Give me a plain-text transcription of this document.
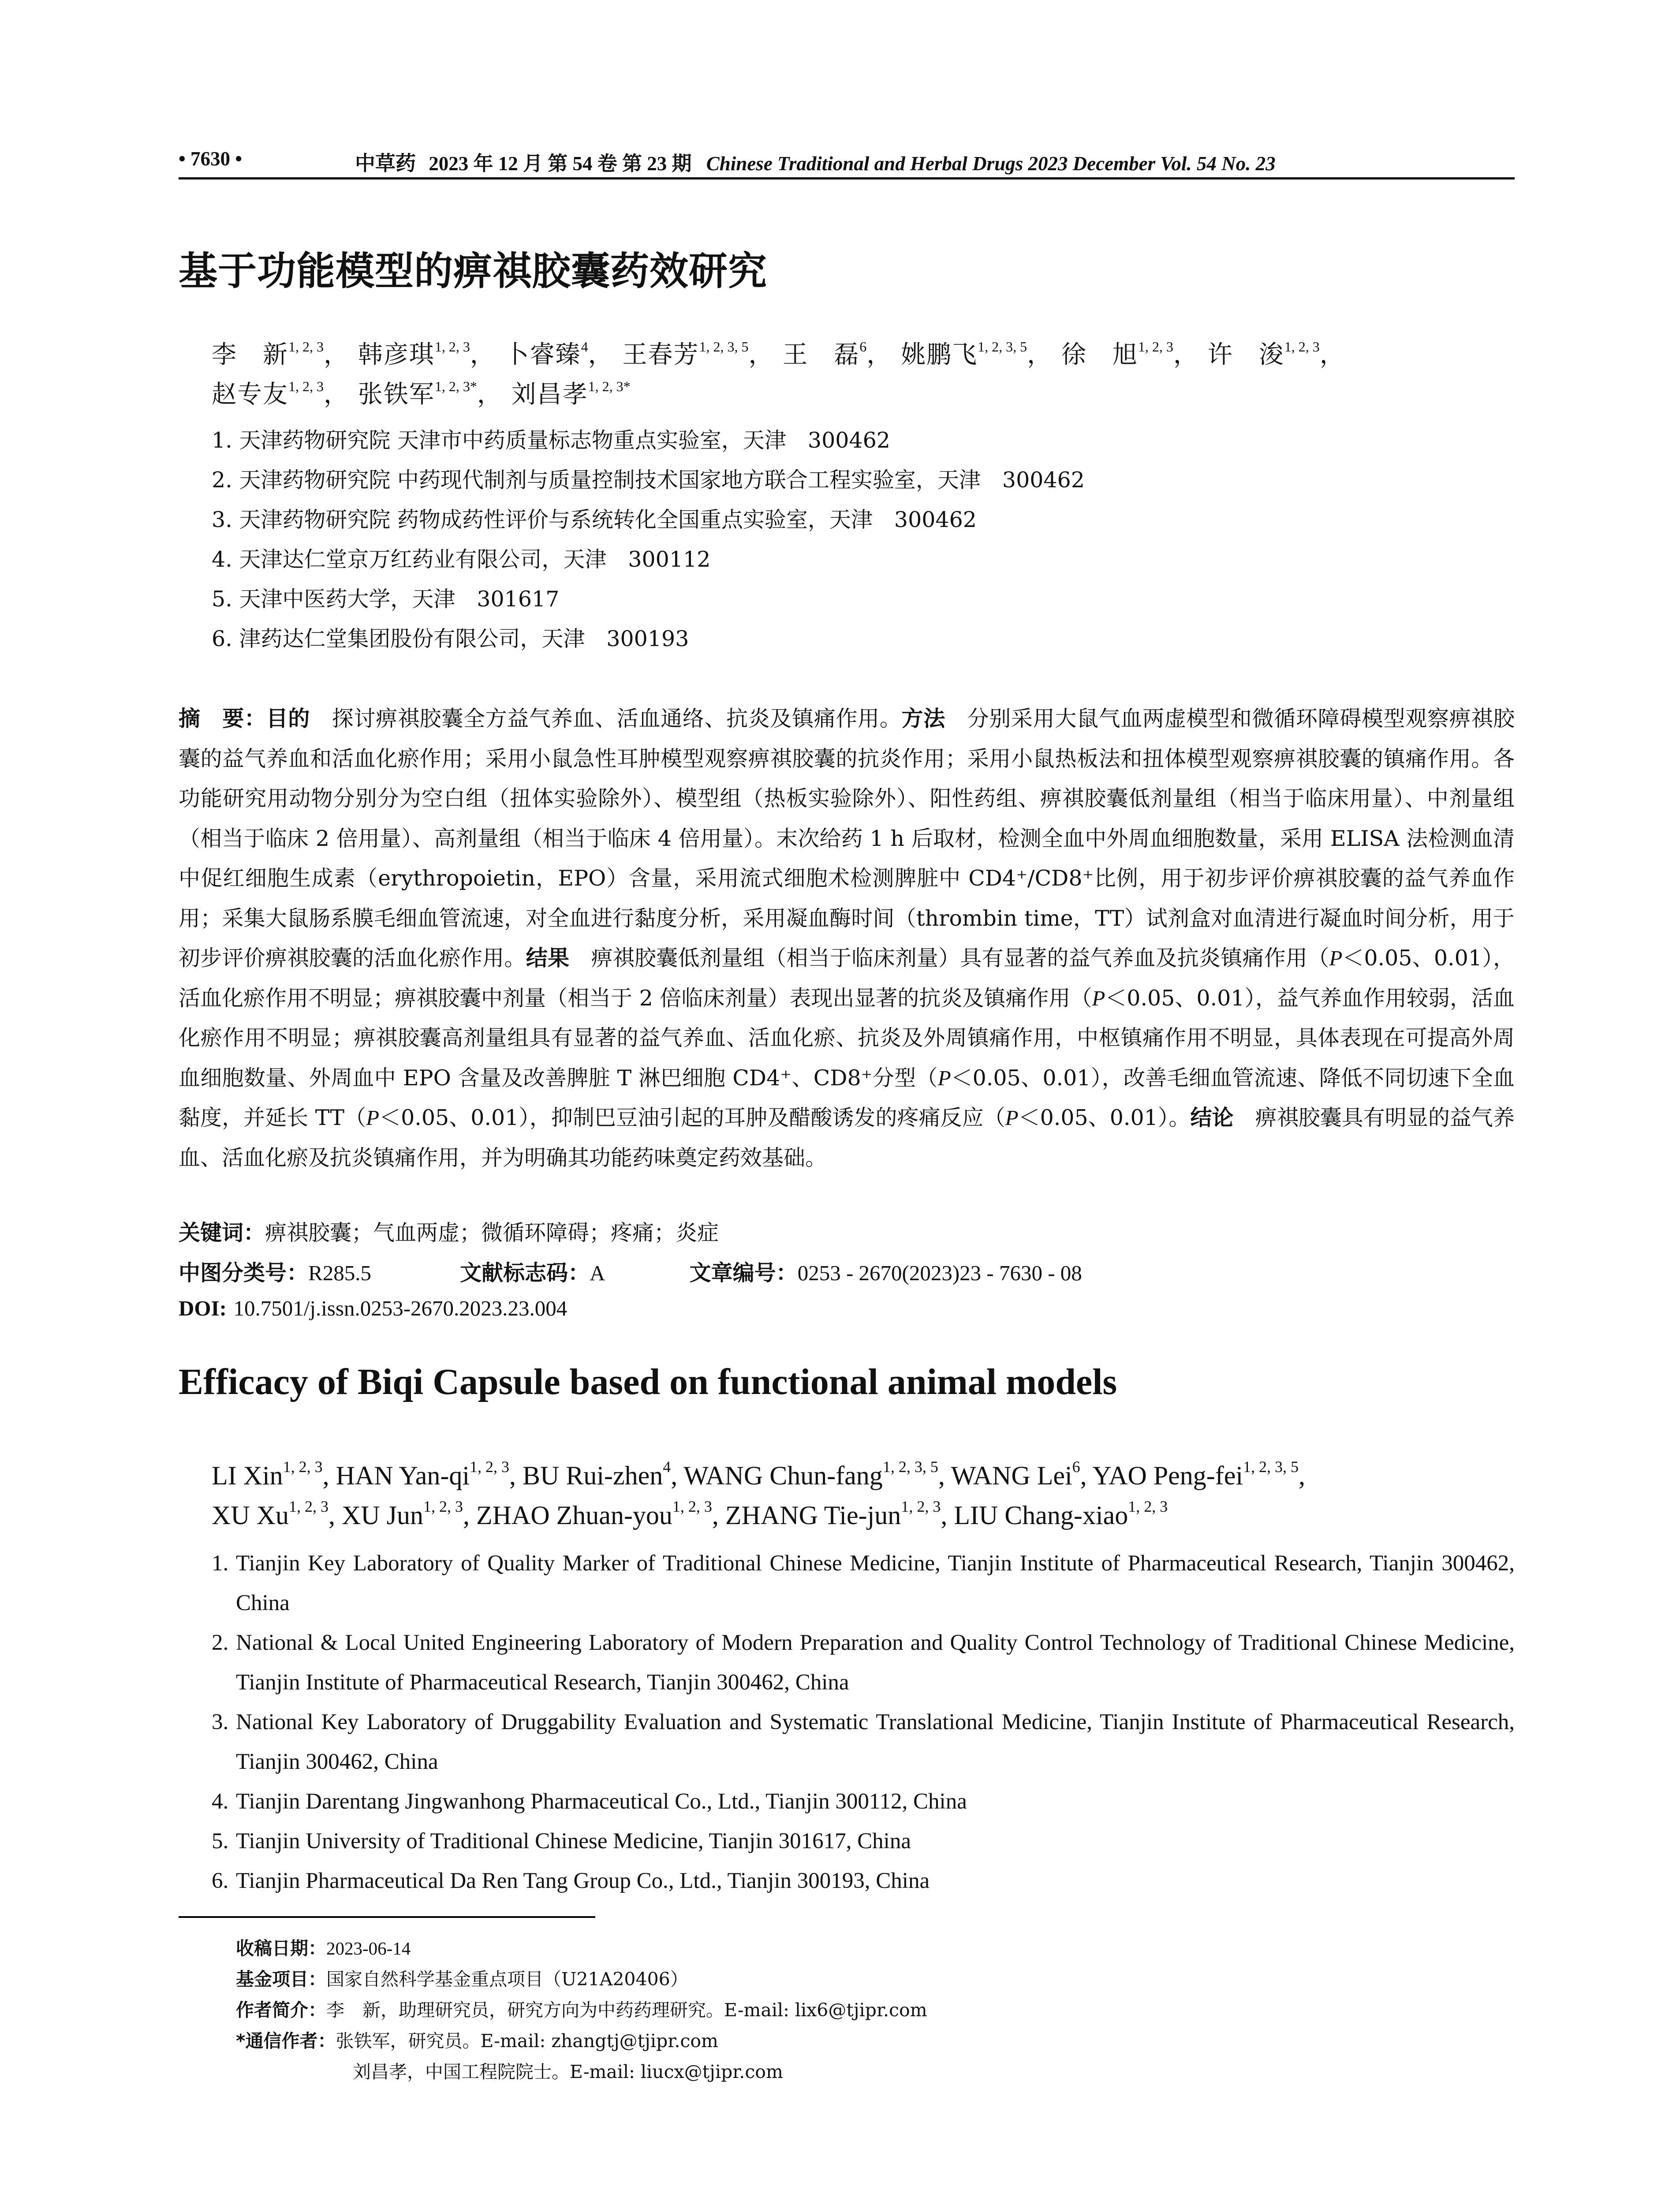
• 7630 •	中草药 2023 年 12 月 第 54 卷 第 23 期 Chinese Traditional and Herbal Drugs 2023 December Vol. 54 No. 23
基于功能模型的痹祺胶囊药效研究
李　新$^{1, 2, 3}$， 韩彦琪$^{1, 2, 3}$， 卜睿臻$^4$， 王春芳$^{1, 2, 3, 5}$， 王　磊$^6$， 姚鹏飞$^{1, 2, 3, 5}$， 徐　旭$^{1, 2, 3}$， 许　浚$^{1, 2, 3}$，
赵专友$^{1, 2, 3}$， 张铁军$^{1, 2, 3*}$， 刘昌孝$^{1, 2, 3*}$
1. 天津药物研究院 天津市中药质量标志物重点实验室，天津　300462
2. 天津药物研究院 中药现代制剂与质量控制技术国家地方联合工程实验室，天津　300462
3. 天津药物研究院 药物成药性评价与系统转化全国重点实验室，天津　300462
4. 天津达仁堂京万红药业有限公司，天津　300112
5. 天津中医药大学，天津　301617
6. 津药达仁堂集团股份有限公司，天津　300193
摘　要：目的　 探讨痹祺胶囊全方益气养血、活血通络、抗炎及镇痛作用。方法　 分别采用大鼠气血两虚模型和微循环障碍模型观察痹祺胶囊的益气养血和活血化瘀作用；采用小鼠急性耳肿模型观察痹祺胶囊的抗炎作用；采用小鼠热板法和扭体模型观察痹祺胶囊的镇痛作用。各功能研究用动物分别分为空白组（扭体实验除外）、模型组（热板实验除外）、阳性药组、痹祺胶囊低剂量组（相当于临床用量）、中剂量组（相当于临床 2 倍用量）、高剂量组（相当于临床 4 倍用量）。末次给药 1 h 后取材，检测全血中外周血细胞数量，采用 ELISA 法检测血清中促红细胞生成素（erythropoietin，EPO）含量，采用流式细胞术检测脾脏中 CD4⁺/CD8⁺比例，用于初步评价痹祺胶囊的益气养血作用；采集大鼠肠系膜毛细血管流速，对全血进行黏度分析，采用凝血酶时间（thrombin time，TT）试剂盒对血清进行凝血时间分析，用于初步评价痹祺胶囊的活血化瘀作用。结果　 痹祺胶囊低剂量组（相当于临床剂量）具有显著的益气养血及抗炎镇痛作用（P＜0.05、0.01），活血化瘀作用不明显；痹祺胶囊中剂量（相当于 2 倍临床剂量）表现出显著的抗炎及镇痛作用（P＜0.05、0.01），益气养血作用较弱，活血化瘀作用不明显；痹祺胶囊高剂量组具有显著的益气养血、活血化瘀、抗炎及外周镇痛作用，中枢镇痛作用不明显，具体表现在可提高外周血细胞数量、外周血中 EPO 含量及改善脾脏 T 淋巴细胞 CD4⁺、CD8⁺分型（P＜0.05、0.01），改善毛细血管流速、降低不同切速下全血黏度，并延长 TT（P＜0.05、0.01），抑制巴豆油引起的耳肿及醋酸诱发的疼痛反应（P＜0.05、0.01）。结论　 痹祺胶囊具有明显的益气养血、活血化瘀及抗炎镇痛作用，并为明确其功能药味奠定药效基础。
关键词：痹祺胶囊；气血两虚；微循环障碍；疼痛；炎症
中图分类号：R285.5	文献标志码：A	文章编号：0253 - 2670(2023)23 - 7630 - 08
DOI: 10.7501/j.issn.0253-2670.2023.23.004
Efficacy of Biqi Capsule based on functional animal models
LI Xin$^{1, 2, 3}$, HAN Yan-qi$^{1, 2, 3}$, BU Rui-zhen$^4$, WANG Chun-fang$^{1, 2, 3, 5}$, WANG Lei$^6$, YAO Peng-fei$^{1, 2, 3, 5}$,
XU Xu$^{1, 2, 3}$, XU Jun$^{1, 2, 3}$, ZHAO Zhuan-you$^{1, 2, 3}$, ZHANG Tie-jun$^{1, 2, 3}$, LIU Chang-xiao$^{1, 2, 3}$
1. Tianjin Key Laboratory of Quality Marker of Traditional Chinese Medicine, Tianjin Institute of Pharmaceutical Research, Tianjin 300462, China
2. National & Local United Engineering Laboratory of Modern Preparation and Quality Control Technology of Traditional Chinese Medicine, Tianjin Institute of Pharmaceutical Research, Tianjin 300462, China
3. National Key Laboratory of Druggability Evaluation and Systematic Translational Medicine, Tianjin Institute of Pharmaceutical Research, Tianjin 300462, China
4. Tianjin Darentang Jingwanhong Pharmaceutical Co., Ltd., Tianjin 300112, China
5. Tianjin University of Traditional Chinese Medicine, Tianjin 301617, China
6. Tianjin Pharmaceutical Da Ren Tang Group Co., Ltd., Tianjin 300193, China
收稿日期：2023-06-14
基金项目：国家自然科学基金重点项目（U21A20406）
作者简介：李　新，助理研究员，研究方向为中药药理研究。E-mail: lix6@tjipr.com
*通信作者：张铁军，研究员。E-mail: zhangtj@tjipr.com
刘昌孝，中国工程院院士。E-mail: liucx@tjipr.com
